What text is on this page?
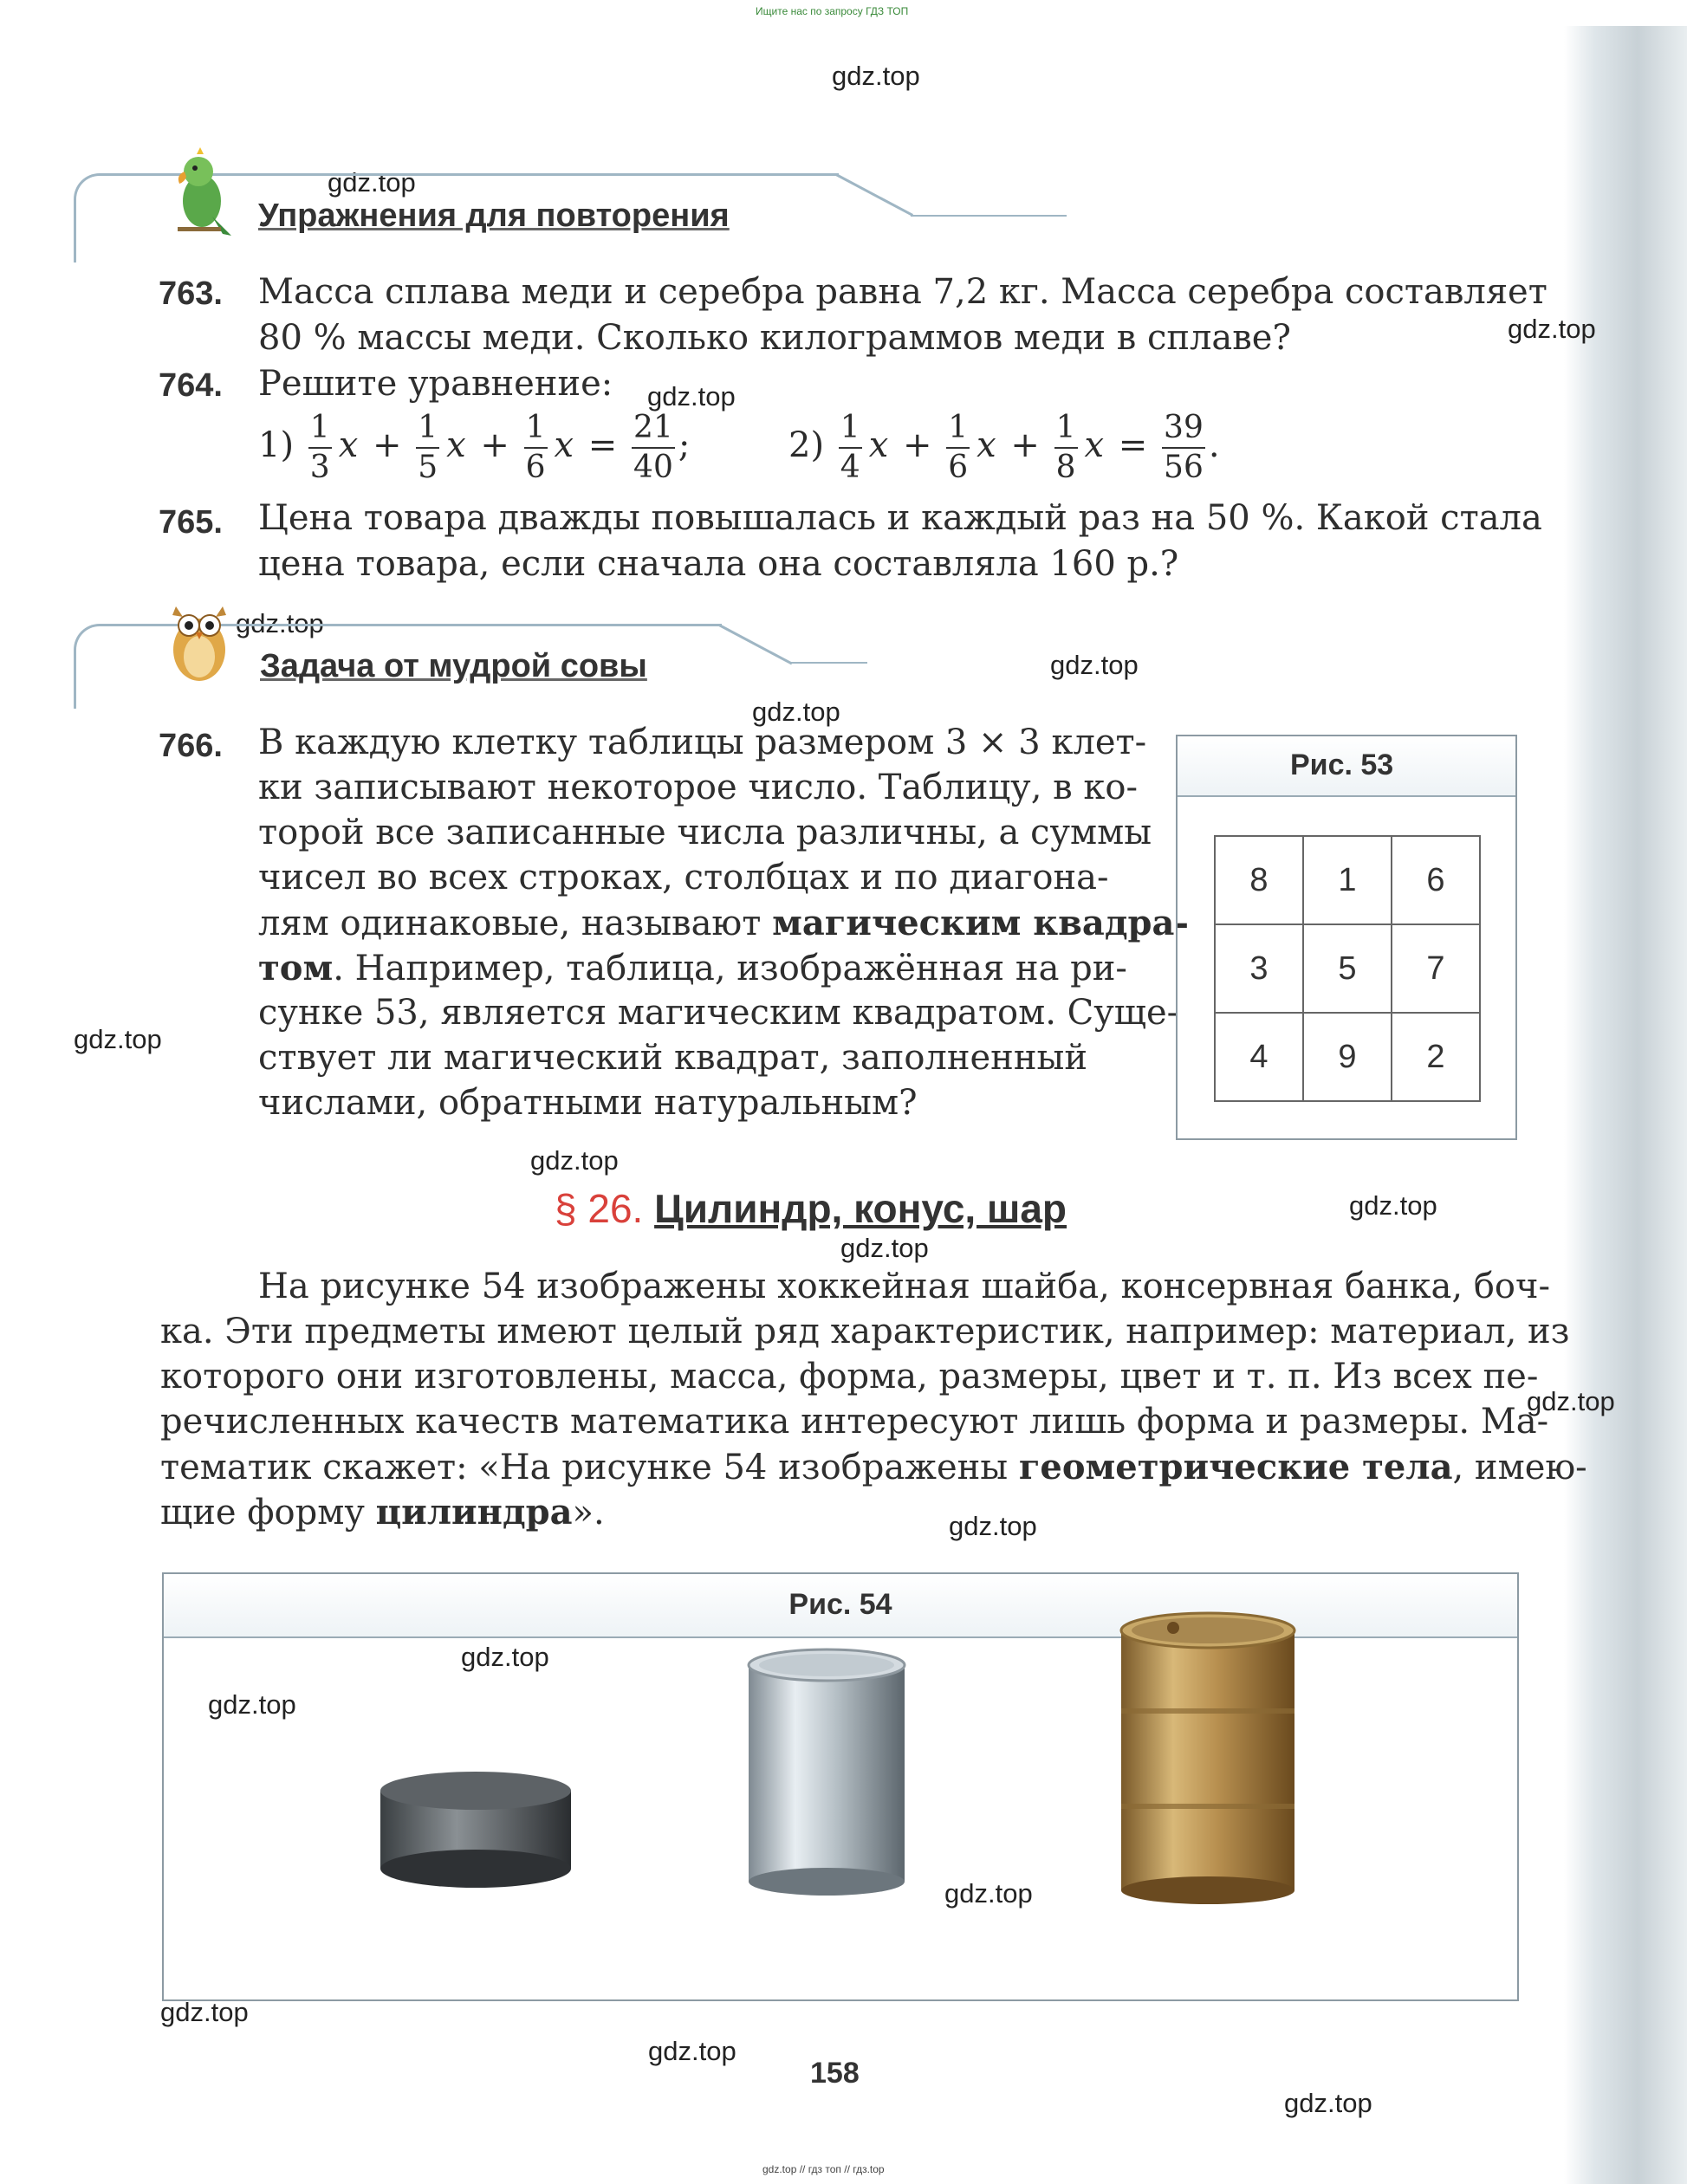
Ищите нас по запросу ГДЗ ТОП
gdz.top
gdz.top
gdz.top
gdz.top
gdz.top
gdz.top
gdz.top
gdz.top
gdz.top
gdz.top
gdz.top
gdz.top
gdz.top
gdz.top
gdz.top
gdz.top
gdz.top
gdz.top
gdz.top
Упражнения для повторения
763. Масса сплава меди и серебра равна 7,2 кг. Масса серебра составляет
80 % массы меди. Сколько килограммов меди в сплаве?
764. Решите уравнение:
$1) \frac{1}{3}$ $x + \frac{1}{5}$ $x + \frac{1}{6}$ $x = \frac{21}{40}$ ;	$2) \frac{1}{4}$ $x + \frac{1}{6}$ $x + \frac{1}{8}$ $x = \frac{39}{56}$ .
765. Цена товара дважды повышалась и каждый раз на 50 %. Какой стала
цена товара, если сначала она составляла 160 р.?
Задача от мудрой совы
766. В каждую клетку таблицы размером 3 × 3 клет-
ки записывают некоторое число. Таблицу, в ко-
торой все записанные числа различны, а суммы
чисел во всех строках, столбцах и по диагона-
лям одинаковые, называют магическим квадра-
том. Например, таблица, изображённая на ри-
сунке 53, является магическим квадратом. Суще-
ствует ли магический квадрат, заполненный
числами, обратными натуральным?
Рис. 53
8	1	6
3	5	7
4	9	2
§ 26. Цилиндр, конус, шар
На рисунке 54 изображены хоккейная шайба, консервная банка, боч-
ка. Эти предметы имеют целый ряд характеристик, например: материал, из
которого они изготовлены, масса, форма, размеры, цвет и т. п. Из всех пе-
речисленных качеств математика интересуют лишь форма и размеры. Ма-
тематик скажет: «На рисунке 54 изображены геометрические тела, имею-
щие форму цилиндра».
Рис. 54
158
gdz.top // гдз топ // гдз.top
